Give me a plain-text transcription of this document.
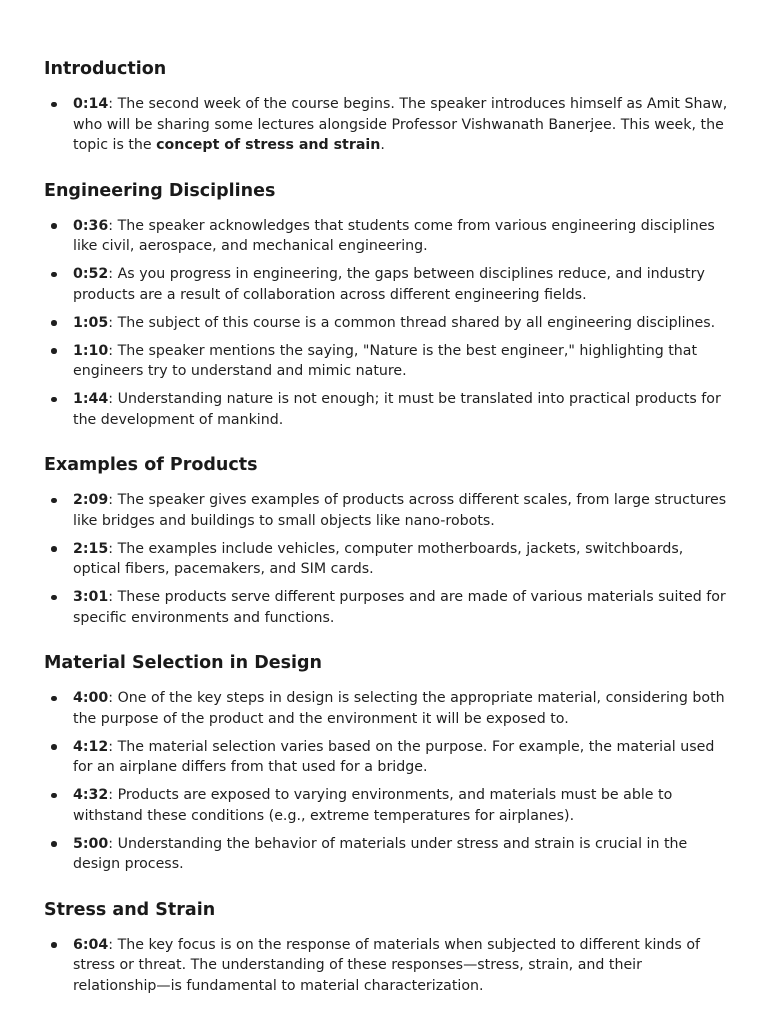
Introduction
0:14: The second week of the course begins. The speaker introduces himself as Amit Shaw, who will be sharing some lectures alongside Professor Vishwanath Banerjee. This week, the topic is the concept of stress and strain.
Engineering Disciplines
0:36: The speaker acknowledges that students come from various engineering disciplines like civil, aerospace, and mechanical engineering.
0:52: As you progress in engineering, the gaps between disciplines reduce, and industry products are a result of collaboration across different engineering fields.
1:05: The subject of this course is a common thread shared by all engineering disciplines.
1:10: The speaker mentions the saying, "Nature is the best engineer," highlighting that engineers try to understand and mimic nature.
1:44: Understanding nature is not enough; it must be translated into practical products for the development of mankind.
Examples of Products
2:09: The speaker gives examples of products across different scales, from large structures like bridges and buildings to small objects like nano-robots.
2:15: The examples include vehicles, computer motherboards, jackets, switchboards, optical fibers, pacemakers, and SIM cards.
3:01: These products serve different purposes and are made of various materials suited for specific environments and functions.
Material Selection in Design
4:00: One of the key steps in design is selecting the appropriate material, considering both the purpose of the product and the environment it will be exposed to.
4:12: The material selection varies based on the purpose. For example, the material used for an airplane differs from that used for a bridge.
4:32: Products are exposed to varying environments, and materials must be able to withstand these conditions (e.g., extreme temperatures for airplanes).
5:00: Understanding the behavior of materials under stress and strain is crucial in the design process.
Stress and Strain
6:04: The key focus is on the response of materials when subjected to different kinds of stress or threat. The understanding of these responses—stress, strain, and their relationship—is fundamental to material characterization.
